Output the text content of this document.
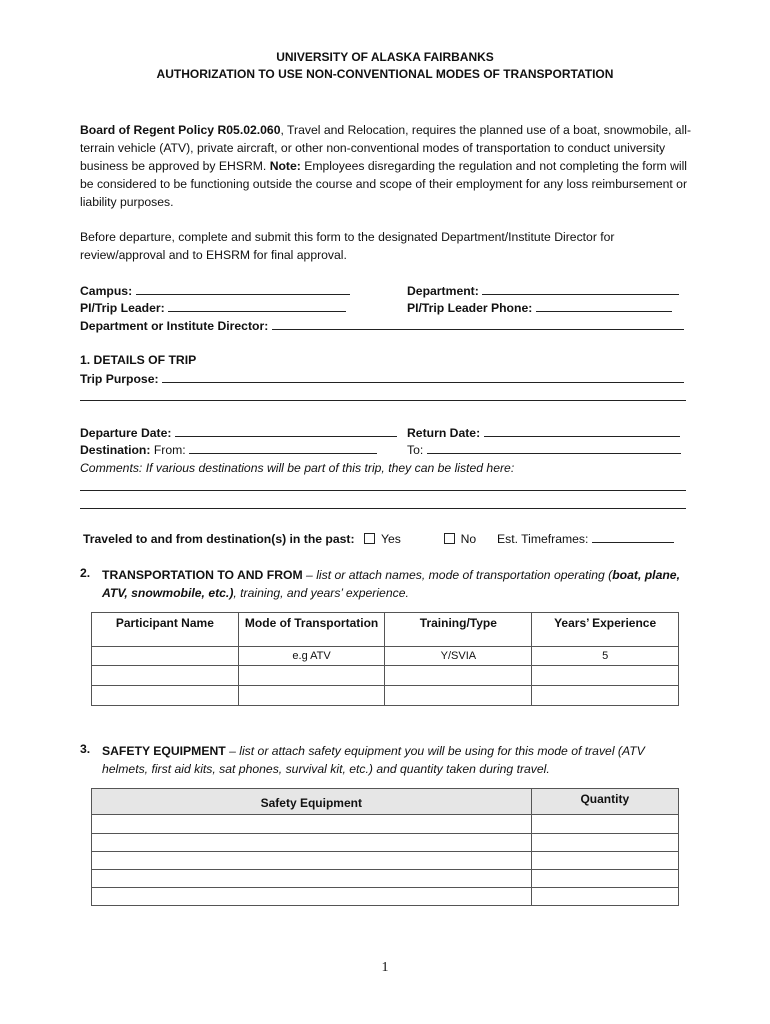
UNIVERSITY OF ALASKA FAIRBANKS
AUTHORIZATION TO USE NON-CONVENTIONAL MODES OF TRANSPORTATION
Board of Regent Policy R05.02.060, Travel and Relocation, requires the planned use of a boat, snowmobile, all-terrain vehicle (ATV), private aircraft, or other non-conventional modes of transportation to conduct university business be approved by EHSRM. Note: Employees disregarding the regulation and not completing the form will be considered to be functioning outside the course and scope of their employment for any loss reimbursement or liability purposes.
Before departure, complete and submit this form to the designated Department/Institute Director for review/approval and to EHSRM for final approval.
Campus:	Department:
PI/Trip Leader:	PI/Trip Leader Phone:
Department or Institute Director:
1. DETAILS OF TRIP
Trip Purpose:
Departure Date:	Return Date:
Destination: From:	To:
Comments: If various destinations will be part of this trip, they can be listed here:
Traveled to and from destination(s) in the past: Yes	No Est. Timeframes:
2. TRANSPORTATION TO AND FROM – list or attach names, mode of transportation operating (boat, plane, ATV, snowmobile, etc.), training, and years’ experience.
Participant Name	Mode of Transportation	Training/Type	Years’ Experience
	e.g ATV	Y/SVIA	5

3. SAFETY EQUIPMENT – list or attach safety equipment you will be using for this mode of travel (ATV helmets, first aid kits, sat phones, survival kit, etc.) and quantity taken during travel.
Safety Equipment	Quantity

1
